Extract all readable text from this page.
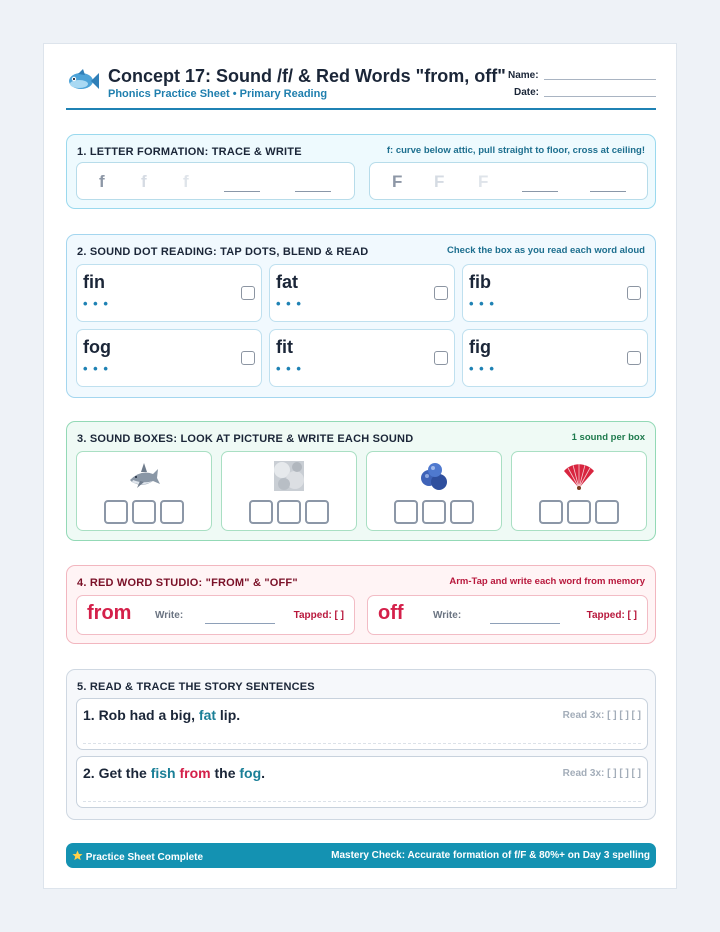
Concept 17: Sound /f/ & Red Words "from, off"
Phonics Practice Sheet • Primary Reading
Name:
Date:
1. LETTER FORMATION: TRACE & WRITE	f: curve below attic, pull straight to floor, cross at ceiling!
f f f	F F F
2. SOUND DOT READING: TAP DOTS, BLEND & READ	Check the box as you read each word aloud
fin
• • •
fat
• • •
fib
• • •
fog
• • •
fit
• • •
fig
• • •
3. SOUND BOXES: LOOK AT PICTURE & WRITE EACH SOUND	1 sound per box
4. RED WORD STUDIO: "FROM" & "OFF"	Arm-Tap and write each word from memory
from Write:	Tapped: [ ] off	Write:	Tapped: [ ]
5. READ & TRACE THE STORY SENTENCES
1. Rob had a big, fat lip.	Read 3x: [ ] [ ] [ ]
2. Get the fish from the fog.	Read 3x: [ ] [ ] [ ]
Practice Sheet Complete	Mastery Check: Accurate formation of f/F & 80%+ on Day 3 spelling
